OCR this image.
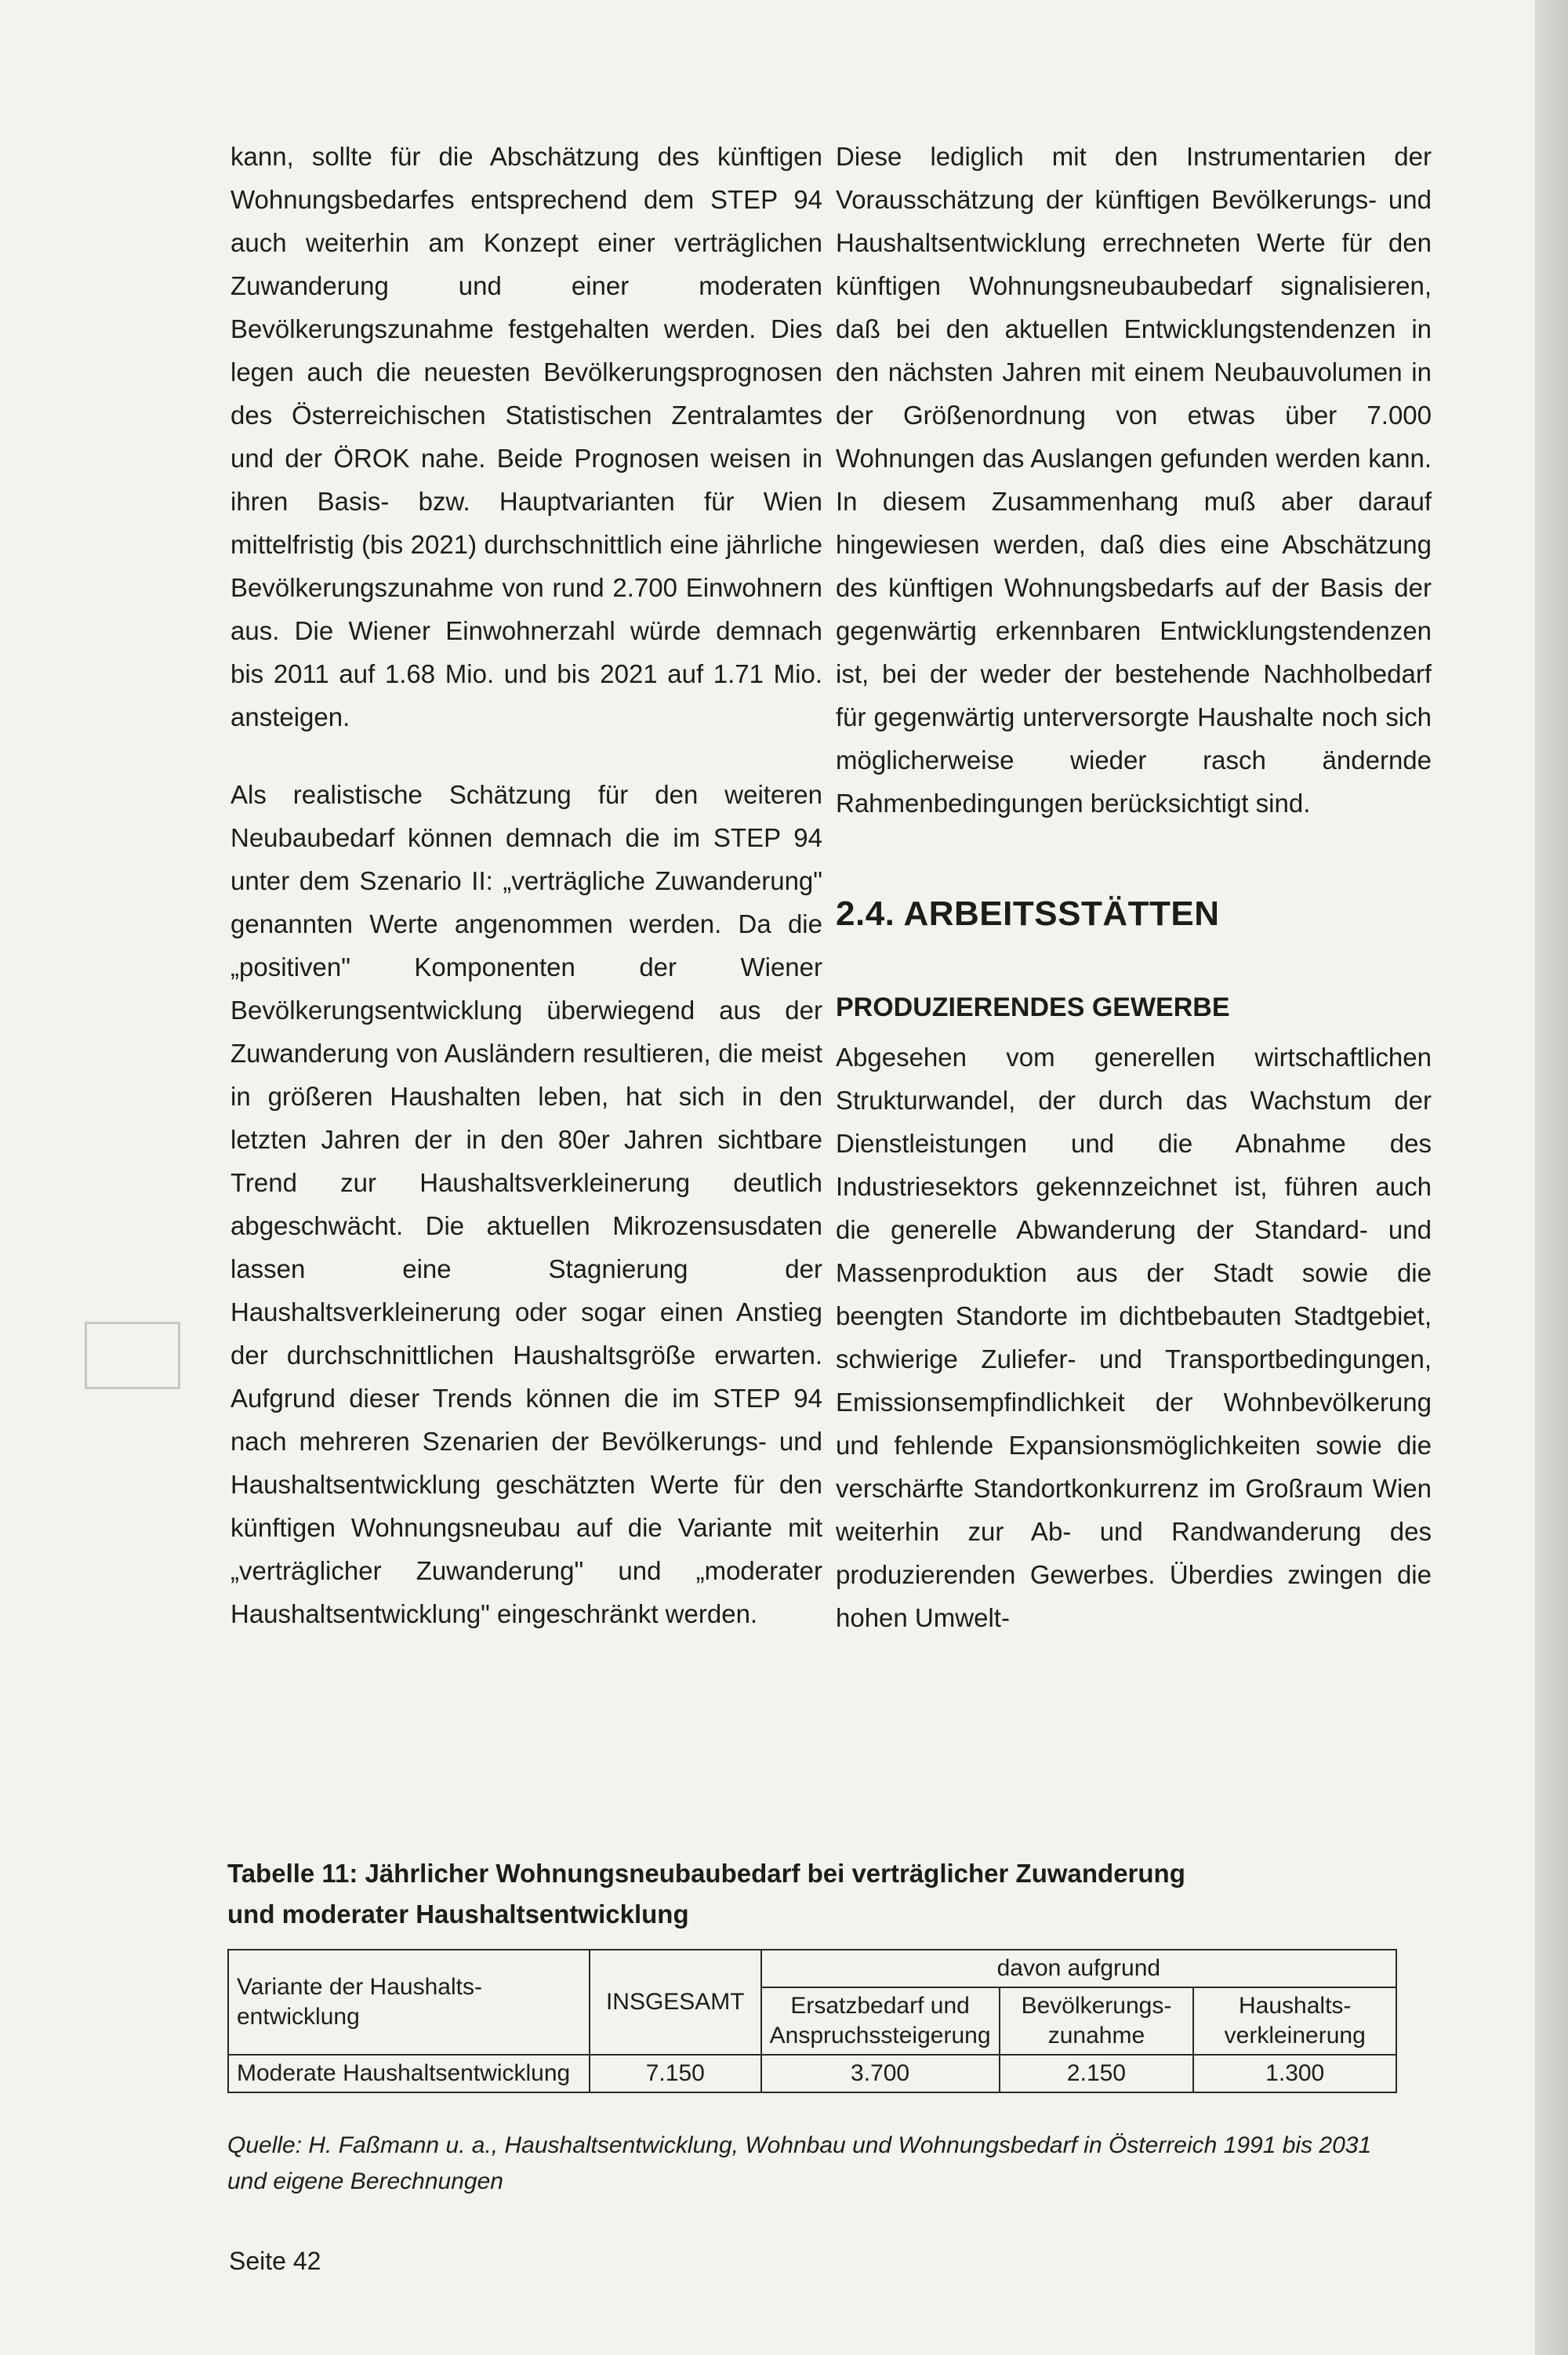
kann, sollte für die Abschätzung des künftigen Wohnungsbedarfes entsprechend dem STEP 94 auch weiterhin am Konzept einer verträglichen Zuwanderung und einer moderaten Bevölkerungszunahme festgehalten werden. Dies legen auch die neuesten Bevölkerungsprognosen des Österreichischen Statistischen Zentralamtes und der ÖROK nahe. Beide Prognosen weisen in ihren Basis- bzw. Hauptvarianten für Wien mittelfristig (bis 2021) durchschnittlich eine jährliche Bevölkerungszunahme von rund 2.700 Einwohnern aus. Die Wiener Einwohnerzahl würde demnach bis 2011 auf 1.68 Mio. und bis 2021 auf 1.71 Mio. ansteigen.

Als realistische Schätzung für den weiteren Neubaubedarf können demnach die im STEP 94 unter dem Szenario II: „verträgliche Zuwanderung" genannten Werte angenommen werden. Da die „positiven" Komponenten der Wiener Bevölkerungsentwicklung überwiegend aus der Zuwanderung von Ausländern resultieren, die meist in größeren Haushalten leben, hat sich in den letzten Jahren der in den 80er Jahren sichtbare Trend zur Haushaltsverkleinerung deutlich abgeschwächt. Die aktuellen Mikrozensusdaten lassen eine Stagnierung der Haushaltsverkleinerung oder sogar einen Anstieg der durchschnittlichen Haushaltsgröße erwarten. Aufgrund dieser Trends können die im STEP 94 nach mehreren Szenarien der Bevölkerungs- und Haushaltsentwicklung geschätzten Werte für den künftigen Wohnungsneubau auf die Variante mit „verträglicher Zuwanderung" und „moderater Haushaltsentwicklung" eingeschränkt werden.

Diese lediglich mit den Instrumentarien der Vorausschätzung der künftigen Bevölkerungs- und Haushaltsentwicklung errechneten Werte für den künftigen Wohnungsneubaubedarf signalisieren, daß bei den aktuellen Entwicklungstendenzen in den nächsten Jahren mit einem Neubauvolumen in der Größenordnung von etwas über 7.000 Wohnungen das Auslangen gefunden werden kann. In diesem Zusammenhang muß aber darauf hingewiesen werden, daß dies eine Abschätzung des künftigen Wohnungsbedarfs auf der Basis der gegenwärtig erkennbaren Entwicklungstendenzen ist, bei der weder der bestehende Nachholbedarf für gegenwärtig unterversorgte Haushalte noch sich möglicherweise wieder rasch ändernde Rahmenbedingungen berücksichtigt sind.

2.4. ARBEITSSTÄTTEN
PRODUZIERENDES GEWERBE

Abgesehen vom generellen wirtschaftlichen Strukturwandel, der durch das Wachstum der Dienstleistungen und die Abnahme des Industriesektors gekennzeichnet ist, führen auch die generelle Abwanderung der Standard- und Massenproduktion aus der Stadt sowie die beengten Standorte im dichtbebauten Stadtgebiet, schwierige Zuliefer- und Transportbedingungen, Emissionsempfindlichkeit der Wohnbevölkerung und fehlende Expansionsmöglichkeiten sowie die verschärfte Standortkonkurrenz im Großraum Wien weiterhin zur Ab- und Randwanderung des produzierenden Gewerbes. Überdies zwingen die hohen Umwelt-

Tabelle 11: Jährlicher Wohnungsneubaubedarf bei verträglicher Zuwanderung
und moderater Haushaltsentwicklung
Variante der Haushalts-entwicklung	INSGESAMT	davon aufgrund		
		Ersatzbedarf und Anspruchssteigerung	Bevölkerungs-zunahme	Haushalts-verkleinerung
Moderate Haushaltsentwicklung	7.150	3.700	2.150	1.300
Quelle: H. Faßmann u. a., Haushaltsentwicklung, Wohnbau und Wohnungsbedarf in Österreich 1991 bis 2031 und eigene Berechnungen
Seite 42
